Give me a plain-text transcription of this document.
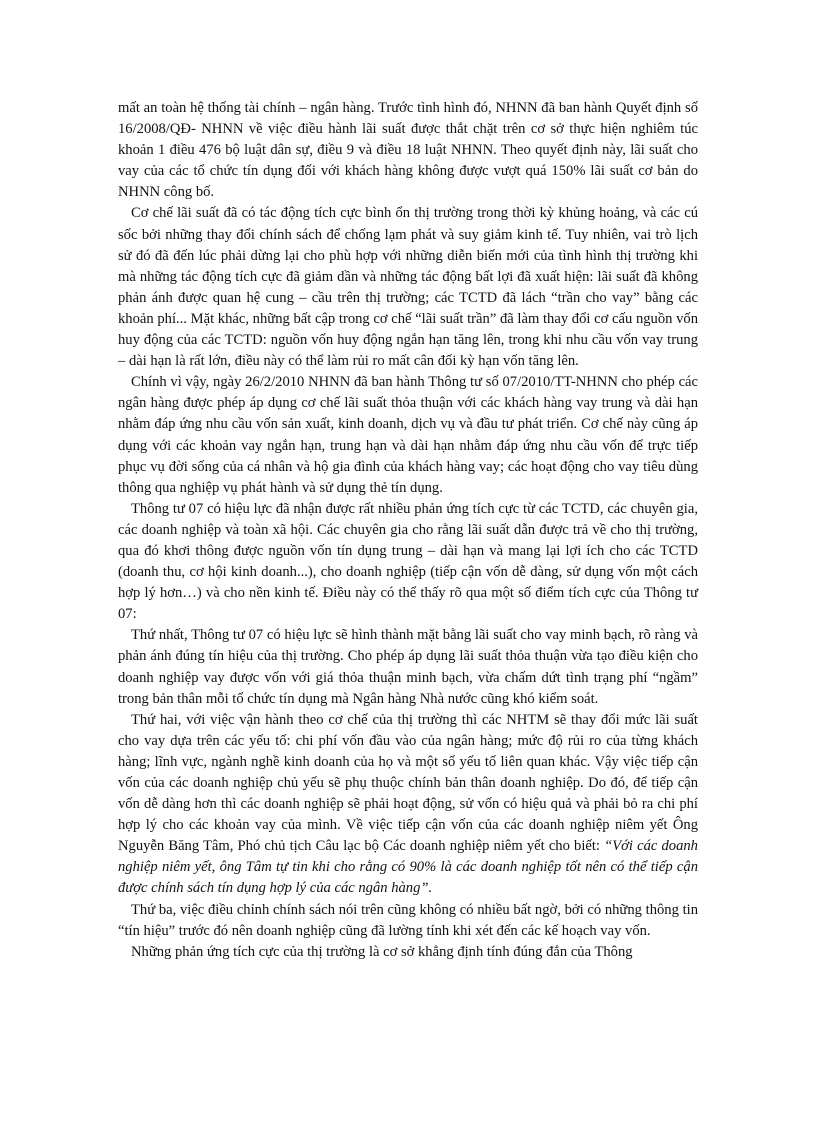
mất an toàn hệ thống tài chính – ngân hàng. Trước tình hình đó, NHNN đã ban hành Quyết định số 16/2008/QĐ- NHNN về việc điều hành lãi suất được thắt chặt trên cơ sở thực hiện nghiêm túc khoản 1 điều 476 bộ luật dân sự, điều 9 và điều 18 luật NHNN. Theo quyết định này, lãi suất cho vay của các tổ chức tín dụng đối với khách hàng không được vượt quá 150% lãi suất cơ bản do NHNN công bố.

Cơ chế lãi suất đã có tác động tích cực bình ổn thị trường trong thời kỳ khủng hoảng, và các cú sốc bởi những thay đổi chính sách để chống lạm phát và suy giảm kinh tế. Tuy nhiên, vai trò lịch sử đó đã đến lúc phải dừng lại cho phù hợp với những diễn biến mới của tình hình thị trường khi mà những tác động tích cực đã giảm dần và những tác động bất lợi đã xuất hiện: lãi suất đã không phản ánh được quan hệ cung – cầu trên thị trường; các TCTD đã lách “trần cho vay” bằng các khoản phí... Mặt khác, những bất cập trong cơ chế “lãi suất trần” đã làm thay đổi cơ cấu nguồn vốn huy động của các TCTD: nguồn vốn huy động ngắn hạn tăng lên, trong khi nhu cầu vốn vay trung – dài hạn là rất lớn, điều này có thể làm rủi ro mất cân đối kỳ hạn vốn tăng lên.

Chính vì vậy, ngày 26/2/2010 NHNN đã ban hành Thông tư số 07/2010/TT-NHNN cho phép các ngân hàng được phép áp dụng cơ chế lãi suất thỏa thuận với các khách hàng vay trung và dài hạn nhằm đáp ứng nhu cầu vốn sản xuất, kinh doanh, dịch vụ và đầu tư phát triển. Cơ chế này cũng áp dụng với các khoản vay ngắn hạn, trung hạn và dài hạn nhằm đáp ứng nhu cầu vốn để trực tiếp phục vụ đời sống của cá nhân và hộ gia đình của khách hàng vay; các hoạt động cho vay tiêu dùng thông qua nghiệp vụ phát hành và sử dụng thẻ tín dụng.

Thông tư 07 có hiệu lực đã nhận được rất nhiều phản ứng tích cực từ các TCTD, các chuyên gia, các doanh nghiệp và toàn xã hội. Các chuyên gia cho rằng lãi suất dẫn được trả về cho thị trường, qua đó khơi thông được nguồn vốn tín dụng trung – dài hạn và mang lại lợi ích cho các TCTD (doanh thu, cơ hội kinh doanh...), cho doanh nghiệp (tiếp cận vốn dễ dàng, sử dụng vốn một cách hợp lý hơn…) và cho nền kinh tế. Điều này có thể thấy rõ qua một số điểm tích cực của Thông tư 07:

Thứ nhất, Thông tư 07 có hiệu lực sẽ hình thành mặt bằng lãi suất cho vay minh bạch, rõ ràng và phản ánh đúng tín hiệu của thị trường. Cho phép áp dụng lãi suất thỏa thuận vừa tạo điều kiện cho doanh nghiệp vay được vốn với giá thỏa thuận minh bạch, vừa chấm dứt tình trạng phí “ngầm” trong bản thân mỗi tổ chức tín dụng mà Ngân hàng Nhà nước cũng khó kiểm soát.

Thứ hai, với việc vận hành theo cơ chế của thị trường thì các NHTM sẽ thay đổi mức lãi suất cho vay dựa trên các yếu tố: chi phí vốn đầu vào của ngân hàng; mức độ rủi ro của từng khách hàng; lĩnh vực, ngành nghề kinh doanh của họ và một số yếu tố liên quan khác. Vậy việc tiếp cận vốn của các doanh nghiệp chủ yếu sẽ phụ thuộc chính bản thân doanh nghiệp. Do đó, để tiếp cận vốn dễ dàng hơn thì các doanh nghiệp sẽ phải hoạt động, sử vốn có hiệu quả và phải bỏ ra chi phí hợp lý cho các khoản vay của mình. Về việc tiếp cận vốn của các doanh nghiệp niêm yết Ông Nguyễn Băng Tâm, Phó chủ tịch Câu lạc bộ Các doanh nghiệp niêm yết cho biết: “Với các doanh nghiệp niêm yết, ông Tâm tự tin khi cho rằng có 90% là các doanh nghiệp tốt nên có thể tiếp cận được chính sách tín dụng hợp lý của các ngân hàng”.

Thứ ba, việc điều chỉnh chính sách nói trên cũng không có nhiều bất ngờ, bởi có những thông tin “tín hiệu” trước đó nên doanh nghiệp cũng đã lường tính khi xét đến các kế hoạch vay vốn.

Những phản ứng tích cực của thị trường là cơ sở khẳng định tính đúng đắn của Thông
